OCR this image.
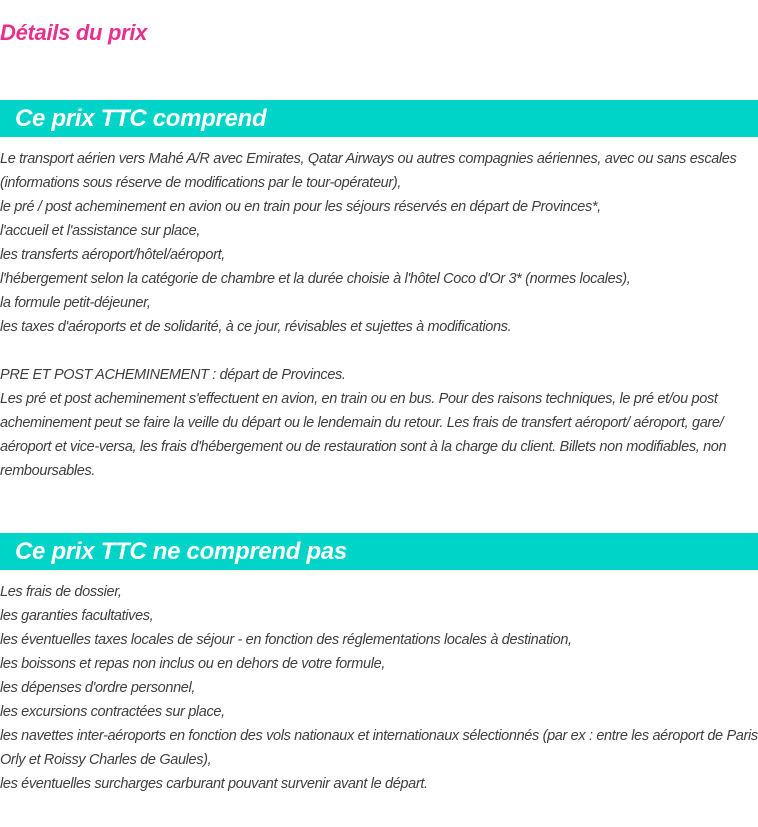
Détails du prix
Ce prix TTC comprend

Le transport aérien vers Mahé A/R avec Emirates, Qatar Airways ou autres compagnies aériennes, avec ou sans escales (informations sous réserve de modifications par le tour-opérateur),

le pré / post acheminement en avion ou en train pour les séjours réservés en départ de Provinces*,

l'accueil et l'assistance sur place,

les transferts aéroport/hôtel/aéroport,

l'hébergement selon la catégorie de chambre et la durée choisie à l'hôtel Coco d'Or 3* (normes locales),

la formule petit-déjeuner,

les taxes d'aéroports et de solidarité, à ce jour, révisables et sujettes à modifications.

PRE ET POST ACHEMINEMENT : départ de Provinces.

Les pré et post acheminement s'effectuent en avion, en train ou en bus. Pour des raisons techniques, le pré et/ou post acheminement peut se faire la veille du départ ou le lendemain du retour. Les frais de transfert aéroport/ aéroport, gare/ aéroport et vice-versa, les frais d'hébergement ou de restauration sont à la charge du client. Billets non modifiables, non remboursables.

Ce prix TTC ne comprend pas

Les frais de dossier,

les garanties facultatives,

les éventuelles taxes locales de séjour - en fonction des réglementations locales à destination,

les boissons et repas non inclus ou en dehors de votre formule,

les dépenses d'ordre personnel,

les excursions contractées sur place,

les navettes inter-aéroports en fonction des vols nationaux et internationaux sélectionnés (par ex : entre les aéroport de Paris Orly et Roissy Charles de Gaules),

les éventuelles surcharges carburant pouvant survenir avant le départ.
